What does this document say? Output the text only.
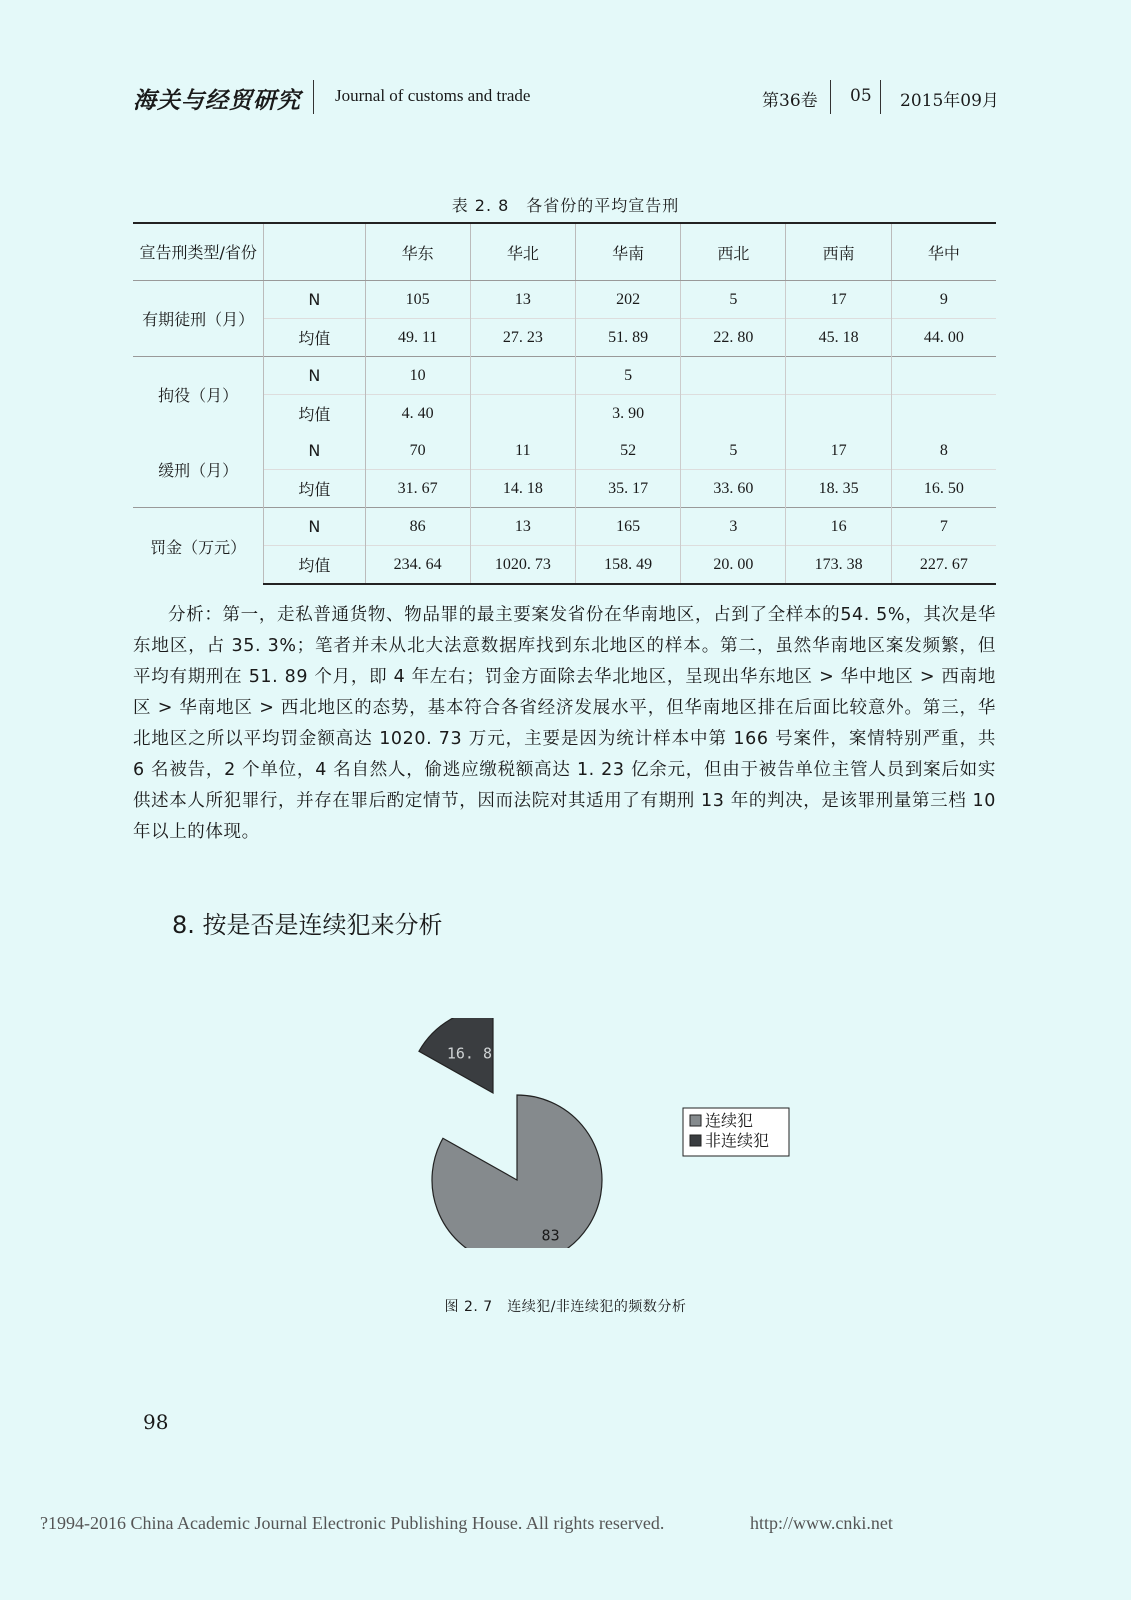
海关与经贸研究 Journal of customs and trade	第36卷 05 2015年09月
表 2. 8　各省份的平均宣告刑
宣告刑类型/省份		华东	华北	华南	西北	西南	华中
有期徒刑（月）	N	105	13	202	5	17	9
	均值	49. 11	27. 23	51. 89	22. 80	45. 18	44. 00
拘役（月）	N	10		5			
	均值	4. 40		3. 90			
缓刑（月）	N	70	11	52	5	17	8
	均值	31. 67	14. 18	35. 17	33. 60	18. 35	16. 50
罚金（万元）	N	86	13	165	3	16	7
	均值	234. 64	1020. 73	158. 49	20. 00	173. 38	227. 67
分析：第一，走私普通货物、物品罪的最主要案发省份在华南地区，占到了全样本的54. 5%，其次是华东地区，占 35. 3%；笔者并未从北大法意数据库找到东北地区的样本。第二，虽然华南地区案发频繁，但平均有期刑在 51. 89 个月，即 4 年左右；罚金方面除去华北地区，呈现出华东地区 > 华中地区 > 西南地区 > 华南地区 > 西北地区的态势，基本符合各省经济发展水平，但华南地区排在后面比较意外。第三，华北地区之所以平均罚金额高达 1020. 73 万元，主要是因为统计样本中第 166 号案件，案情特别严重，共 6 名被告，2 个单位，4 名自然人，偷逃应缴税额高达 1. 23 亿余元，但由于被告单位主管人员到案后如实供述本人所犯罪行，并存在罪后酌定情节，因而法院对其适用了有期刑 13 年的判决，是该罪刑量第三档 10 年以上的体现。
8. 按是否是连续犯来分析
83
16. 8
连续犯
非连续犯
图 2. 7　连续犯/非连续犯的频数分析
98
?1994-2016 China Academic Journal Electronic Publishing House. All rights reserved.	http://www.cnki.net
